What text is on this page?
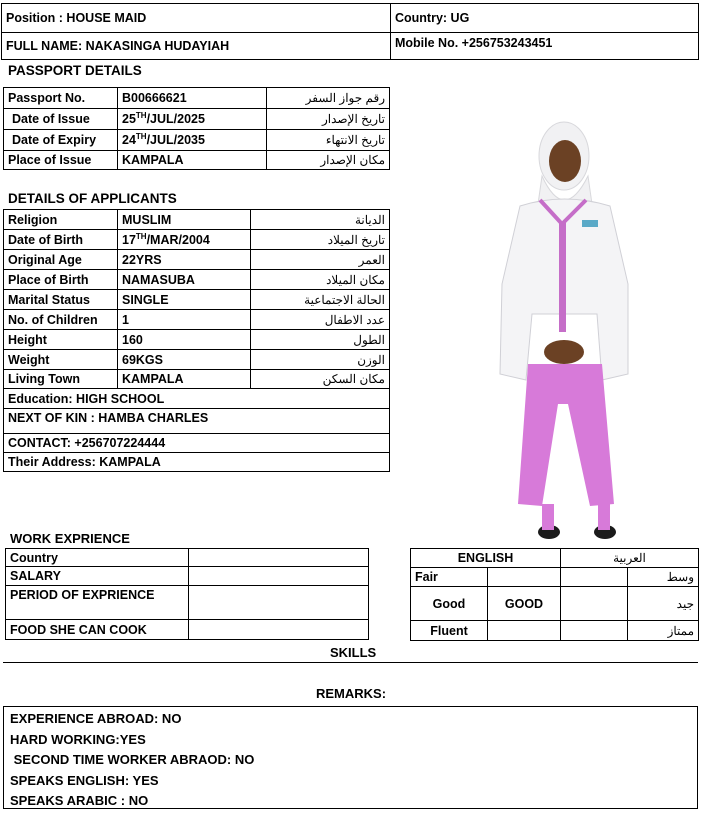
Position : HOUSE MAID	Country: UG
FULL NAME: NAKASINGA HUDAYIAH	Mobile No. +256753243451
PASSPORT DETAILS
Passport No.	B00666621	رقم جواز السفر
Date of Issue	25TH/JUL/2025	تاريخ الإصدار
Date of Expiry	24TH/JUL/2035	تاريخ الانتهاء
Place of Issue	KAMPALA	مكان الإصدار
DETAILS OF APPLICANTS
Religion	MUSLIM	الديانة
Date of Birth	17TH/MAR/2004	تاريخ الميلاد
Original Age	22YRS	العمر
Place of Birth	NAMASUBA	مكان الميلاد
Marital Status	SINGLE	الحالة الاجتماعية
No. of Children	1	عدد الاطفال
Height	160	الطول
Weight	69KGS	الوزن
Living Town	KAMPALA	مكان السكن
Education: HIGH SCHOOL		
NEXT OF KIN : HAMBA CHARLES		
CONTACT: +256707224444		
Their Address: KAMPALA		
WORK EXPRIENCE
Country	
SALARY	
PERIOD OF EXPRIENCE	
FOOD SHE CAN COOK	
ENGLISH		العربية	
Fair			وسط
Good	GOOD		جيد
Fluent			ممتاز
SKILLS
REMARKS:
EXPERIENCE ABROAD: NO
HARD WORKING:YES
SECOND TIME WORKER ABRAOD: NO
SPEAKS ENGLISH: YES
SPEAKS ARABIC : NO
